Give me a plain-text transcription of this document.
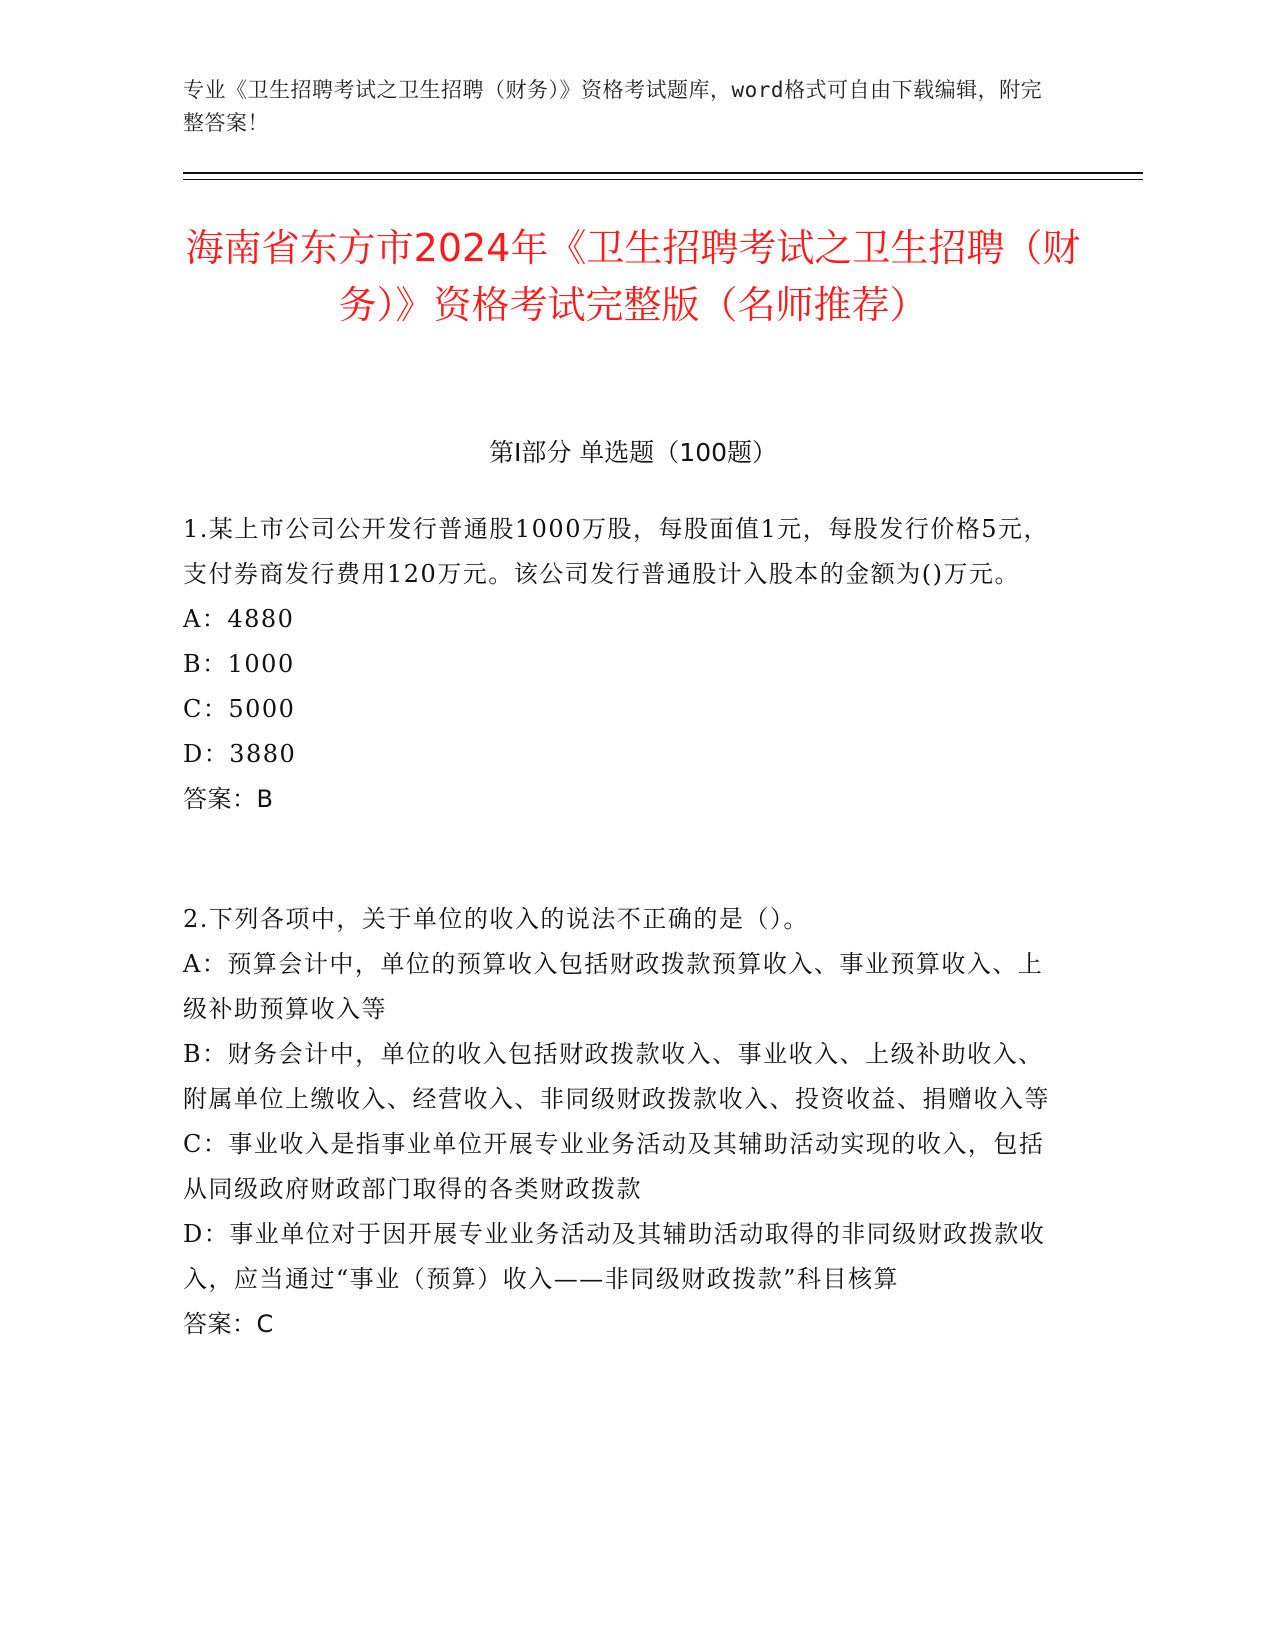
专业《卫生招聘考试之卫生招聘（财务）》资格考试题库，word格式可自由下载编辑，附完整答案！
海南省东方市2024年《卫生招聘考试之卫生招聘（财务）》资格考试完整版（名师推荐）
第I部分 单选题（100题）
1.某上市公司公开发行普通股1000万股，每股面值1元，每股发行价格5元，支付券商发行费用120万元。该公司发行普通股计入股本的金额为()万元。
A：4880
B：1000
C：5000
D：3880
答案：B
2.下列各项中，关于单位的收入的说法不正确的是（）。
A：预算会计中，单位的预算收入包括财政拨款预算收入、事业预算收入、上级补助预算收入等
B：财务会计中，单位的收入包括财政拨款收入、事业收入、上级补助收入、附属单位上缴收入、经营收入、非同级财政拨款收入、投资收益、捐赠收入等
C：事业收入是指事业单位开展专业业务活动及其辅助活动实现的收入，包括从同级政府财政部门取得的各类财政拨款
D：事业单位对于因开展专业业务活动及其辅助活动取得的非同级财政拨款收入，应当通过“事业（预算）收入——非同级财政拨款”科目核算
答案：C
